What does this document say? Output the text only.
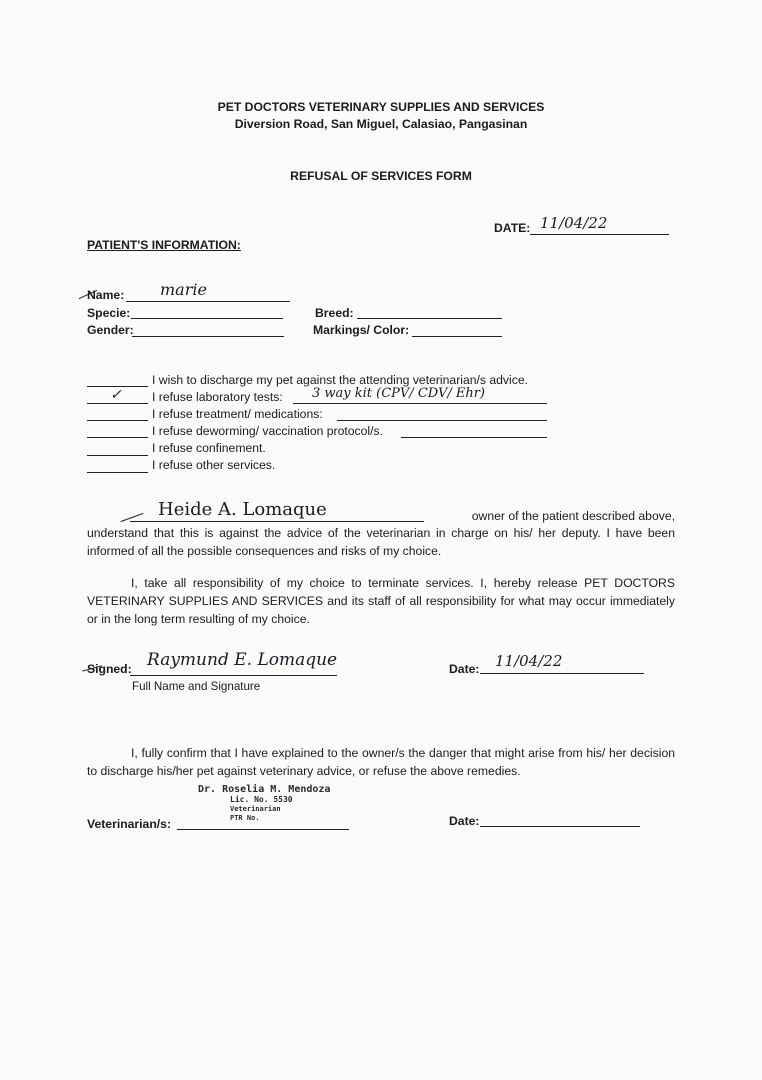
PET DOCTORS VETERINARY SUPPLIES AND SERVICES
Diversion Road, San Miguel, Calasiao, Pangasinan
REFUSAL OF SERVICES FORM
DATE: 11/04/22
PATIENT'S INFORMATION:
Name: marie
Specie:	Breed:
Gender:	Markings/ Color:
I wish to discharge my pet against the attending veterinarian/s advice.
✓ I refuse laboratory tests: 3 way kit (CPV/ CDV/ Ehr)
I refuse treatment/ medications:
I refuse deworming/ vaccination protocol/s.
I refuse confinement.
I refuse other services.
Heide A. Lomaque	owner of the patient described above,
understand that this is against the advice of the veterinarian in charge on his/ her deputy. I have been informed of all the possible consequences and risks of my choice.
I, take all responsibility of my choice to terminate services. I, hereby release PET DOCTORS VETERINARY SUPPLIES AND SERVICES and its staff of all responsibility for what may occur immediately or in the long term resulting of my choice.
Signed: Raymund E. Lomaque
Full Name and Signature
Date: 11/04/22
I, fully confirm that I have explained to the owner/s the danger that might arise from his/ her decision to discharge his/her pet against veterinary advice, or refuse the above remedies.
Veterinarian/s:
Dr. Roselia M. Mendoza
Lic. No. 5530
Veterinarian
PTR No.	Date:
